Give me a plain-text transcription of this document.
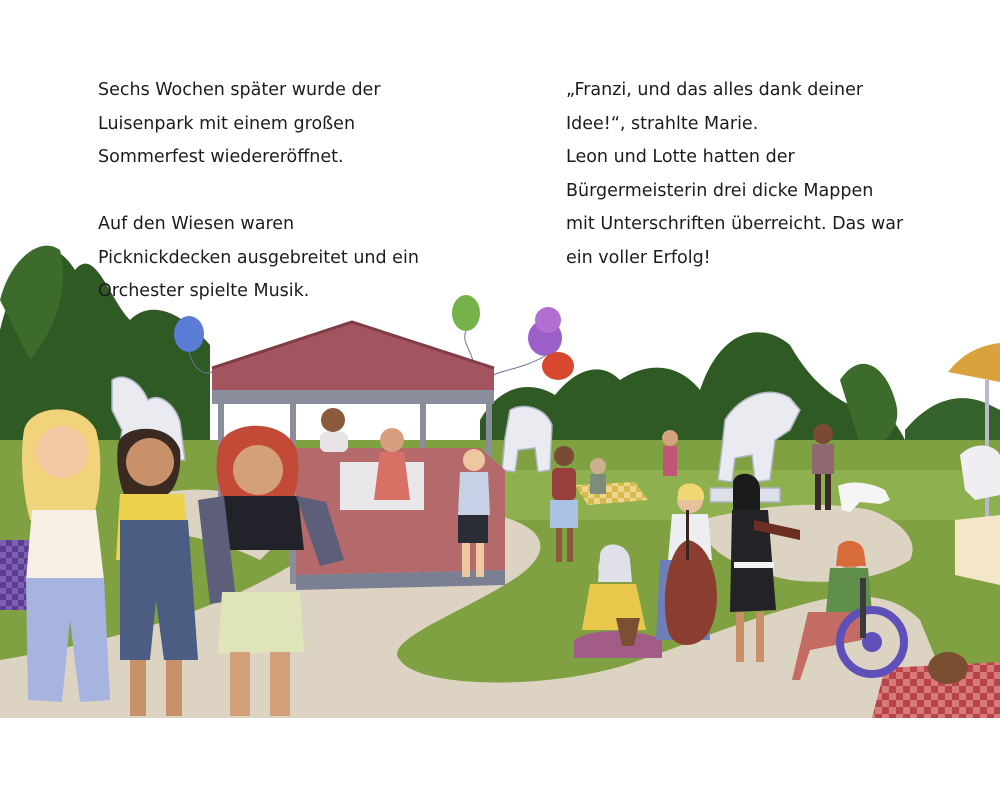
Sechs Wochen später wurde der
Luisenpark mit einem großen
Sommerfest wiedereröffnet.

Auf den Wiesen waren
Picknickdecken ausgebreitet und ein
Orchester spielte Musik.

„Franzi, und das alles dank deiner
Idee!“, strahlte Marie.
Leon und Lotte hatten der
Bürgermeisterin drei dicke Mappen
mit Unterschriften überreicht. Das war
ein voller Erfolg!
